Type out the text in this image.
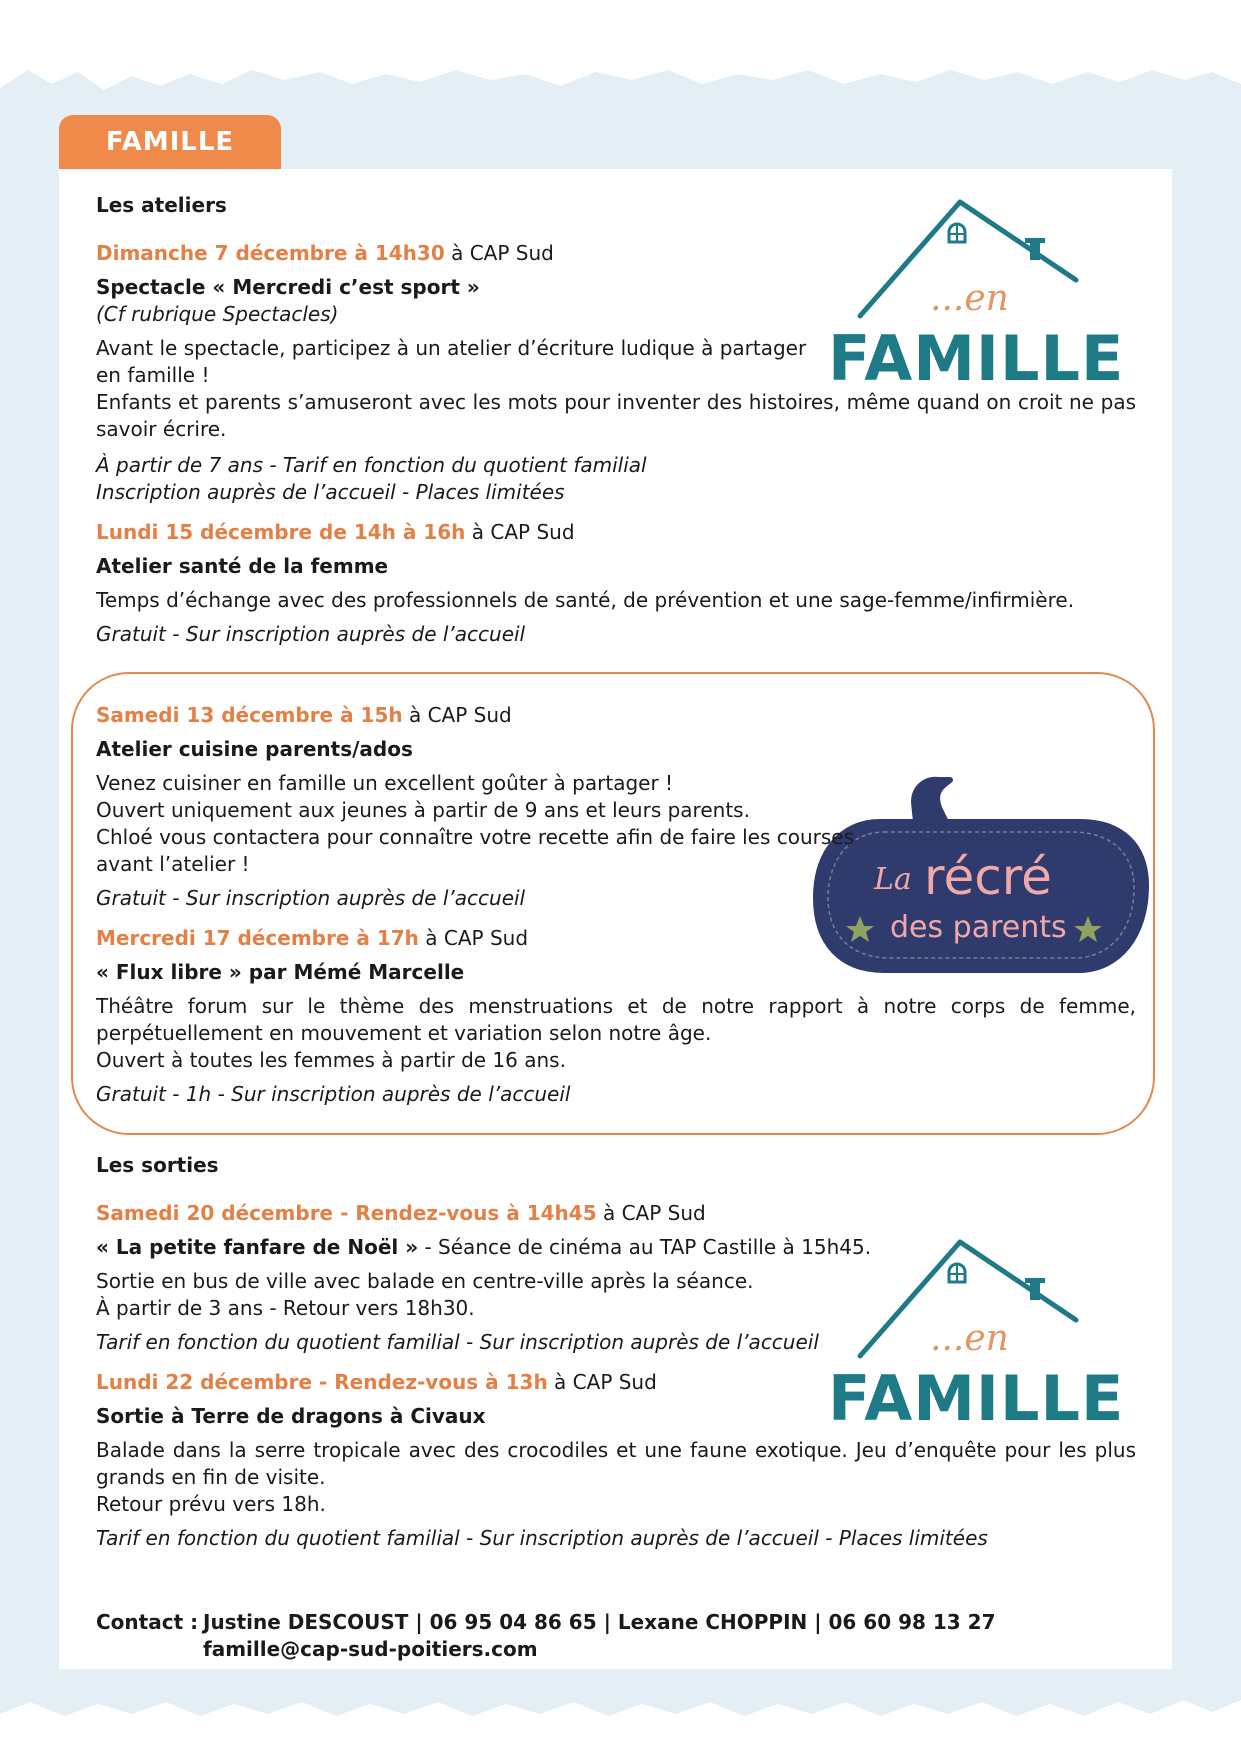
FAMILLE
...en
FAMILLE
...en
FAMILLE
La récré
des parents
Les ateliers
Dimanche 7 décembre à 14h30 à CAP Sud
Spectacle « Mercredi c’est sport »
(Cf rubrique Spectacles)
Avant le spectacle, participez à un atelier d’écriture ludique à partager
en famille !
Enfants et parents s’amuseront avec les mots pour inventer des histoires, même quand on croit ne pas savoir écrire.
À partir de 7 ans - Tarif en fonction du quotient familial
Inscription auprès de l’accueil - Places limitées
Lundi 15 décembre de 14h à 16h à CAP Sud
Atelier santé de la femme
Temps d’échange avec des professionnels de santé, de prévention et une sage-femme/infirmière.
Gratuit - Sur inscription auprès de l’accueil
Samedi 13 décembre à 15h à CAP Sud
Atelier cuisine parents/ados
Venez cuisiner en famille un excellent goûter à partager !
Ouvert uniquement aux jeunes à partir de 9 ans et leurs parents.
Chloé vous contactera pour connaître votre recette afin de faire les courses
avant l’atelier !
Gratuit - Sur inscription auprès de l’accueil
Mercredi 17 décembre à 17h à CAP Sud
« Flux libre » par Mémé Marcelle
Théâtre forum sur le thème des menstruations et de notre rapport à notre corps de femme, perpétuellement en mouvement et variation selon notre âge.
Ouvert à toutes les femmes à partir de 16 ans.
Gratuit - 1h - Sur inscription auprès de l’accueil
Les sorties
Samedi 20 décembre - Rendez-vous à 14h45 à CAP Sud
« La petite fanfare de Noël » - Séance de cinéma au TAP Castille à 15h45.
Sortie en bus de ville avec balade en centre-ville après la séance.
À partir de 3 ans - Retour vers 18h30.
Tarif en fonction du quotient familial - Sur inscription auprès de l’accueil
Lundi 22 décembre - Rendez-vous à 13h à CAP Sud
Sortie à Terre de dragons à Civaux
Balade dans la serre tropicale avec des crocodiles et une faune exotique. Jeu d’enquête pour les plus grands en fin de visite.
Retour prévu vers 18h.
Tarif en fonction du quotient familial - Sur inscription auprès de l’accueil - Places limitées
Contact : Justine DESCOUST | 06 95 04 86 65 | Lexane CHOPPIN | 06 60 98 13 27
famille@cap-sud-poitiers.com
